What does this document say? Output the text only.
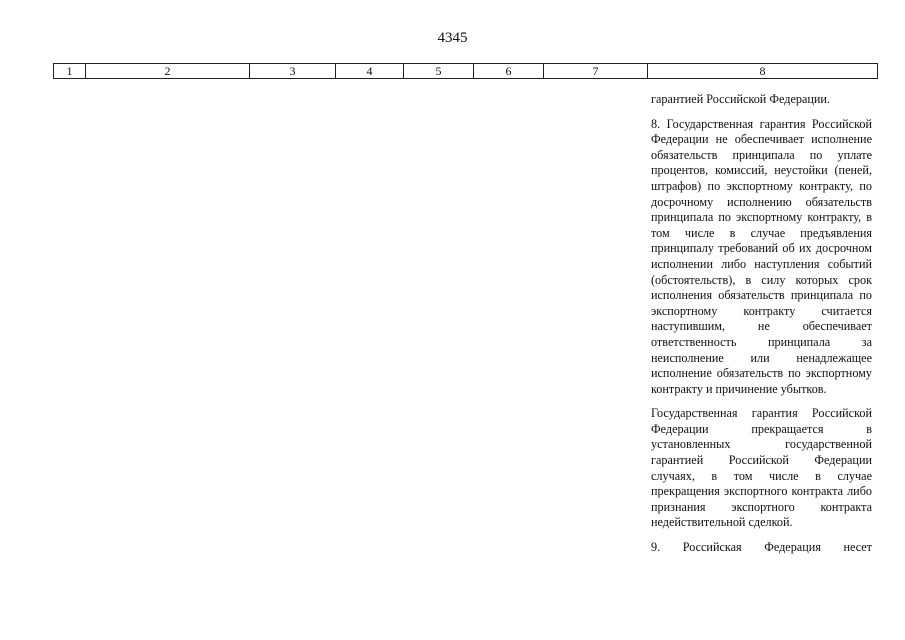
4345
1	2	3	4	5	6	7	8

гарантией Российской Федерации.

8. Государственная гарантия Российской Федерации не обеспечивает исполнение обязательств принципала по уплате процентов, комиссий, неустойки (пеней, штрафов) по экспортному контракту, по досрочному исполнению обязательств принципала по экспортному контракту, в том числе в случае предъявления принципалу требований об их досрочном исполнении либо наступления событий (обстоятельств), в силу которых срок исполнения обязательств принципала по экспортному контракту считается наступившим, не обеспечивает ответственность принципала за неисполнение или ненадлежащее исполнение обязательств по экспортному контракту и причинение убытков.

Государственная гарантия Российской Федерации прекращается в установленных государственной гарантией Российской Федерации случаях, в том числе в случае прекращения экспортного контракта либо признания экспортного контракта недействительной сделкой.

9. Российская Федерация несет
